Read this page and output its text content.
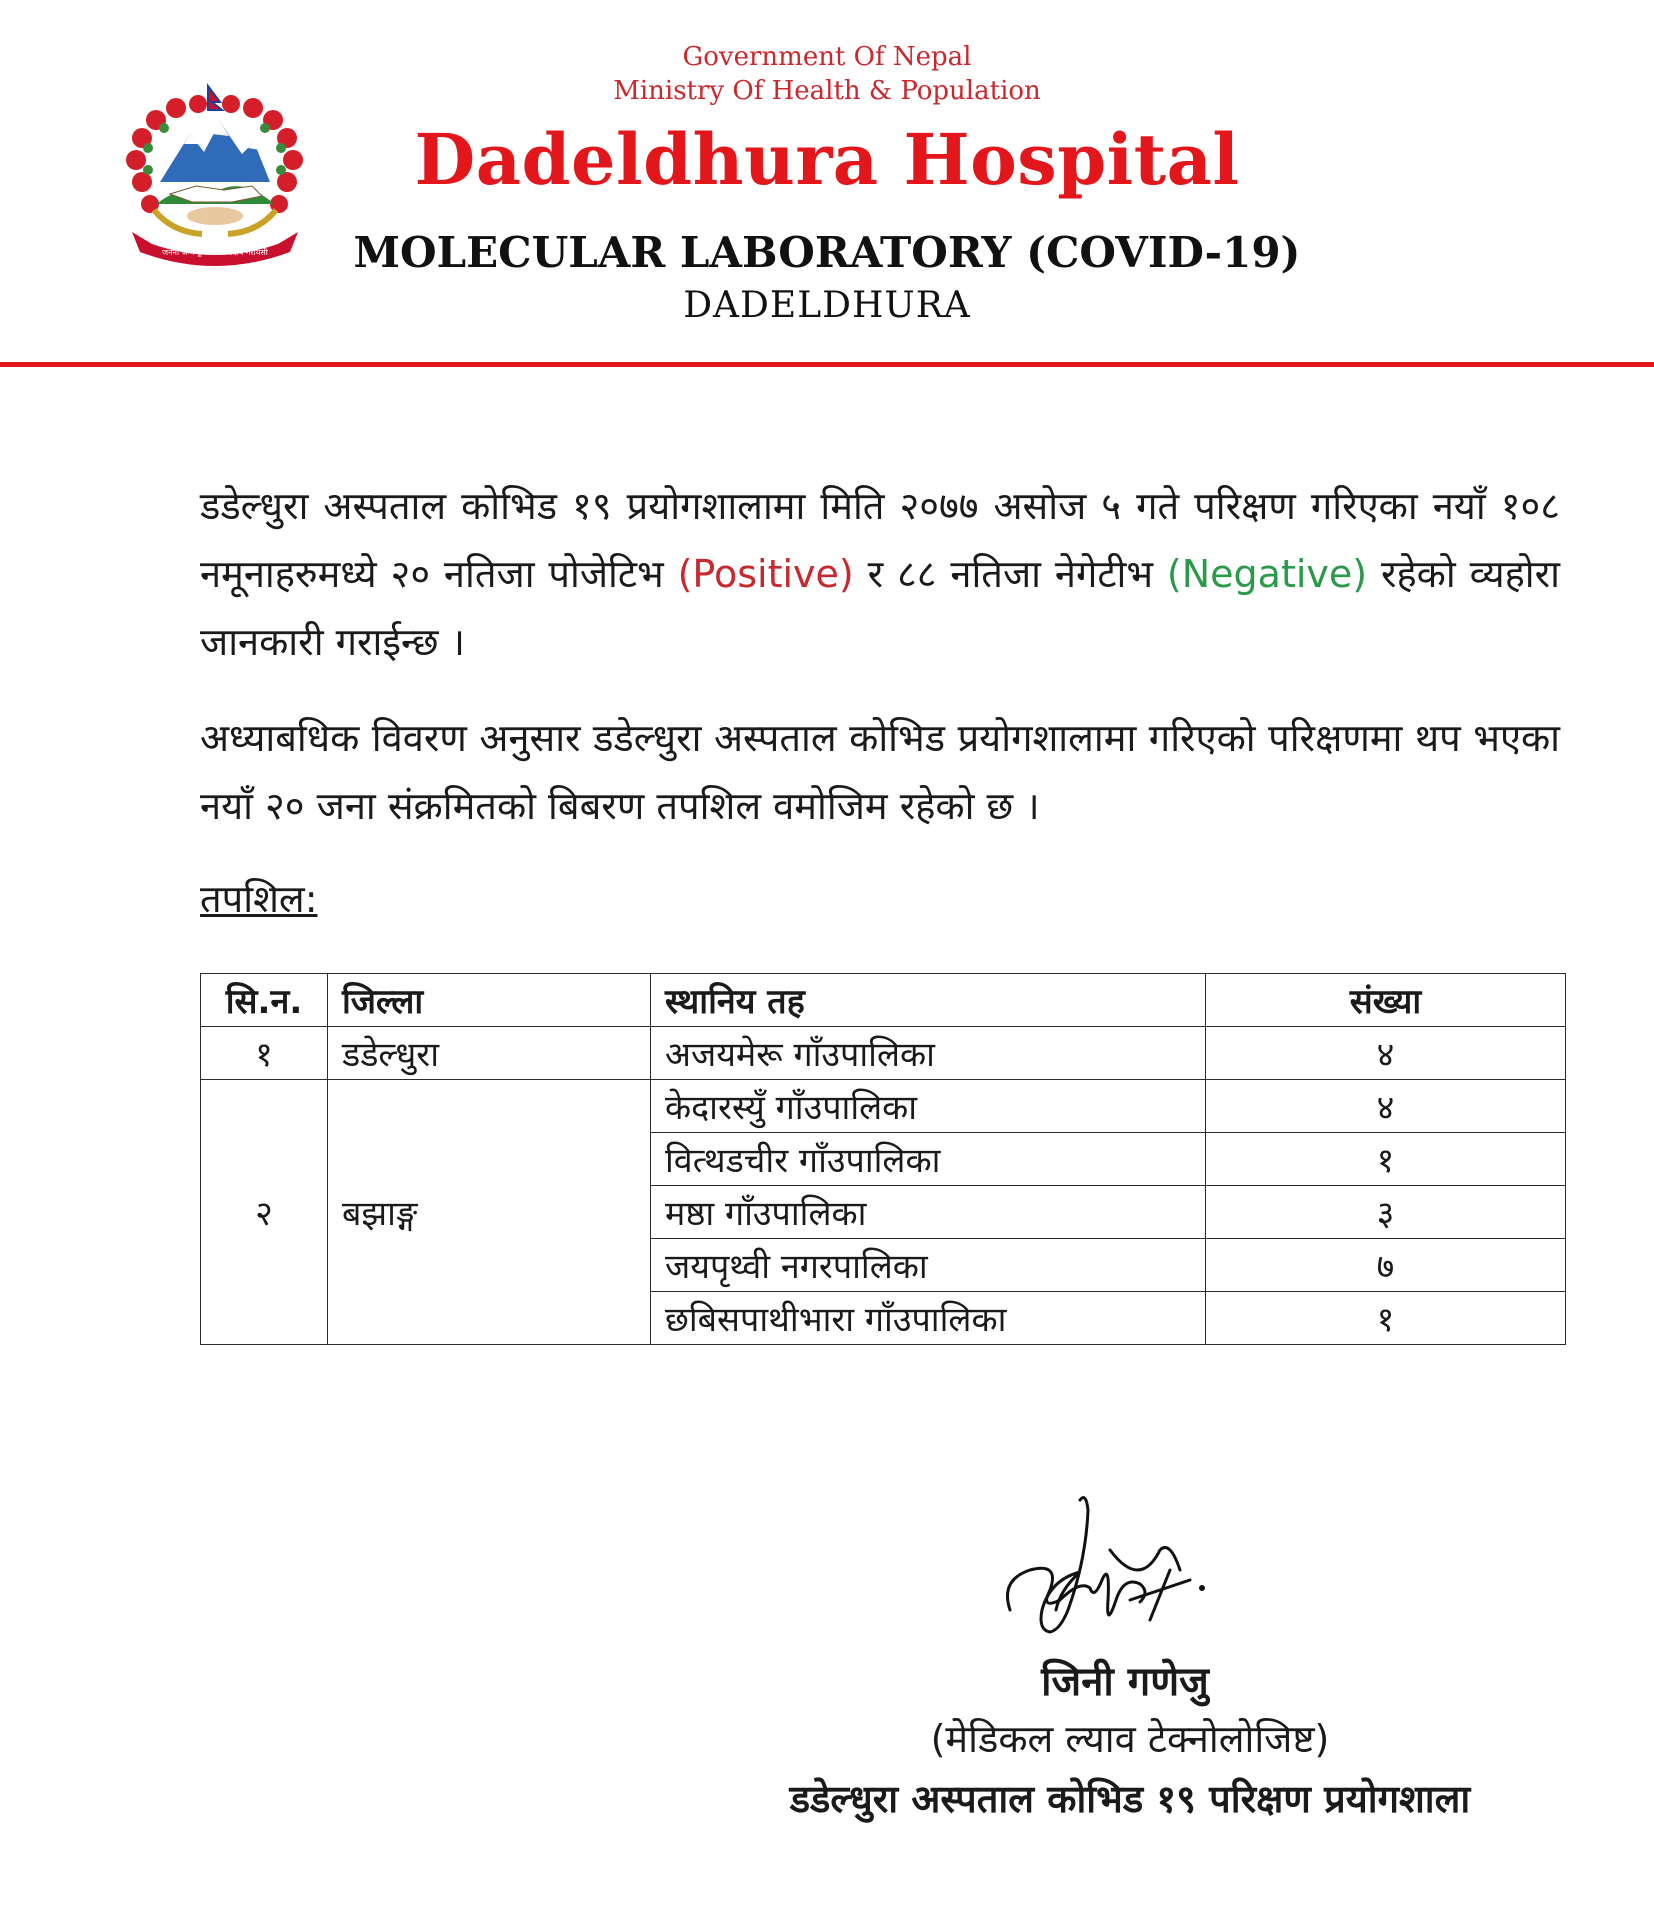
जननी जन्मभूमिश्च स्वर्गादपि गरीयसी

Government Of Nepal

Ministry Of Health & Population

Dadeldhura Hospital

MOLECULAR LABORATORY (COVID-19)

DADELDHURA

डडेल्धुरा अस्पताल कोभिड १९ प्रयोगशालामा मिति २०७७ असोज ५ गते परिक्षण गरिएका नयाँ १०८ नमूनाहरुमध्ये २० नतिजा पोजेटिभ (Positive) र ८८ नतिजा नेगेटीभ (Negative) रहेको व्यहोरा जानकारी गराईन्छ ।

अध्याबधिक विवरण अनुसार डडेल्धुरा अस्पताल कोभिड प्रयोगशालामा गरिएको परिक्षणमा थप भएका नयाँ २० जना संक्रमितको बिबरण तपशिल वमोजिम रहेको छ ।

तपशिल:

सि.न.	जिल्ला	स्थानिय तह	संख्या
१	डडेल्धुरा	अजयमेरू गाँउपालिका	४
२	बझाङ्ग	केदारस्युँ गाँउपालिका	४
		वित्थडचीर गाँउपालिका	१
		मष्ठा गाँउपालिका	३
		जयपृथ्वी नगरपालिका	७
		छबिसपाथीभारा गाँउपालिका	१

जिनी गणेजु

(मेडिकल ल्याव टेक्नोलोजिष्ट)

डडेल्धुरा अस्पताल कोभिड १९ परिक्षण प्रयोगशाला
